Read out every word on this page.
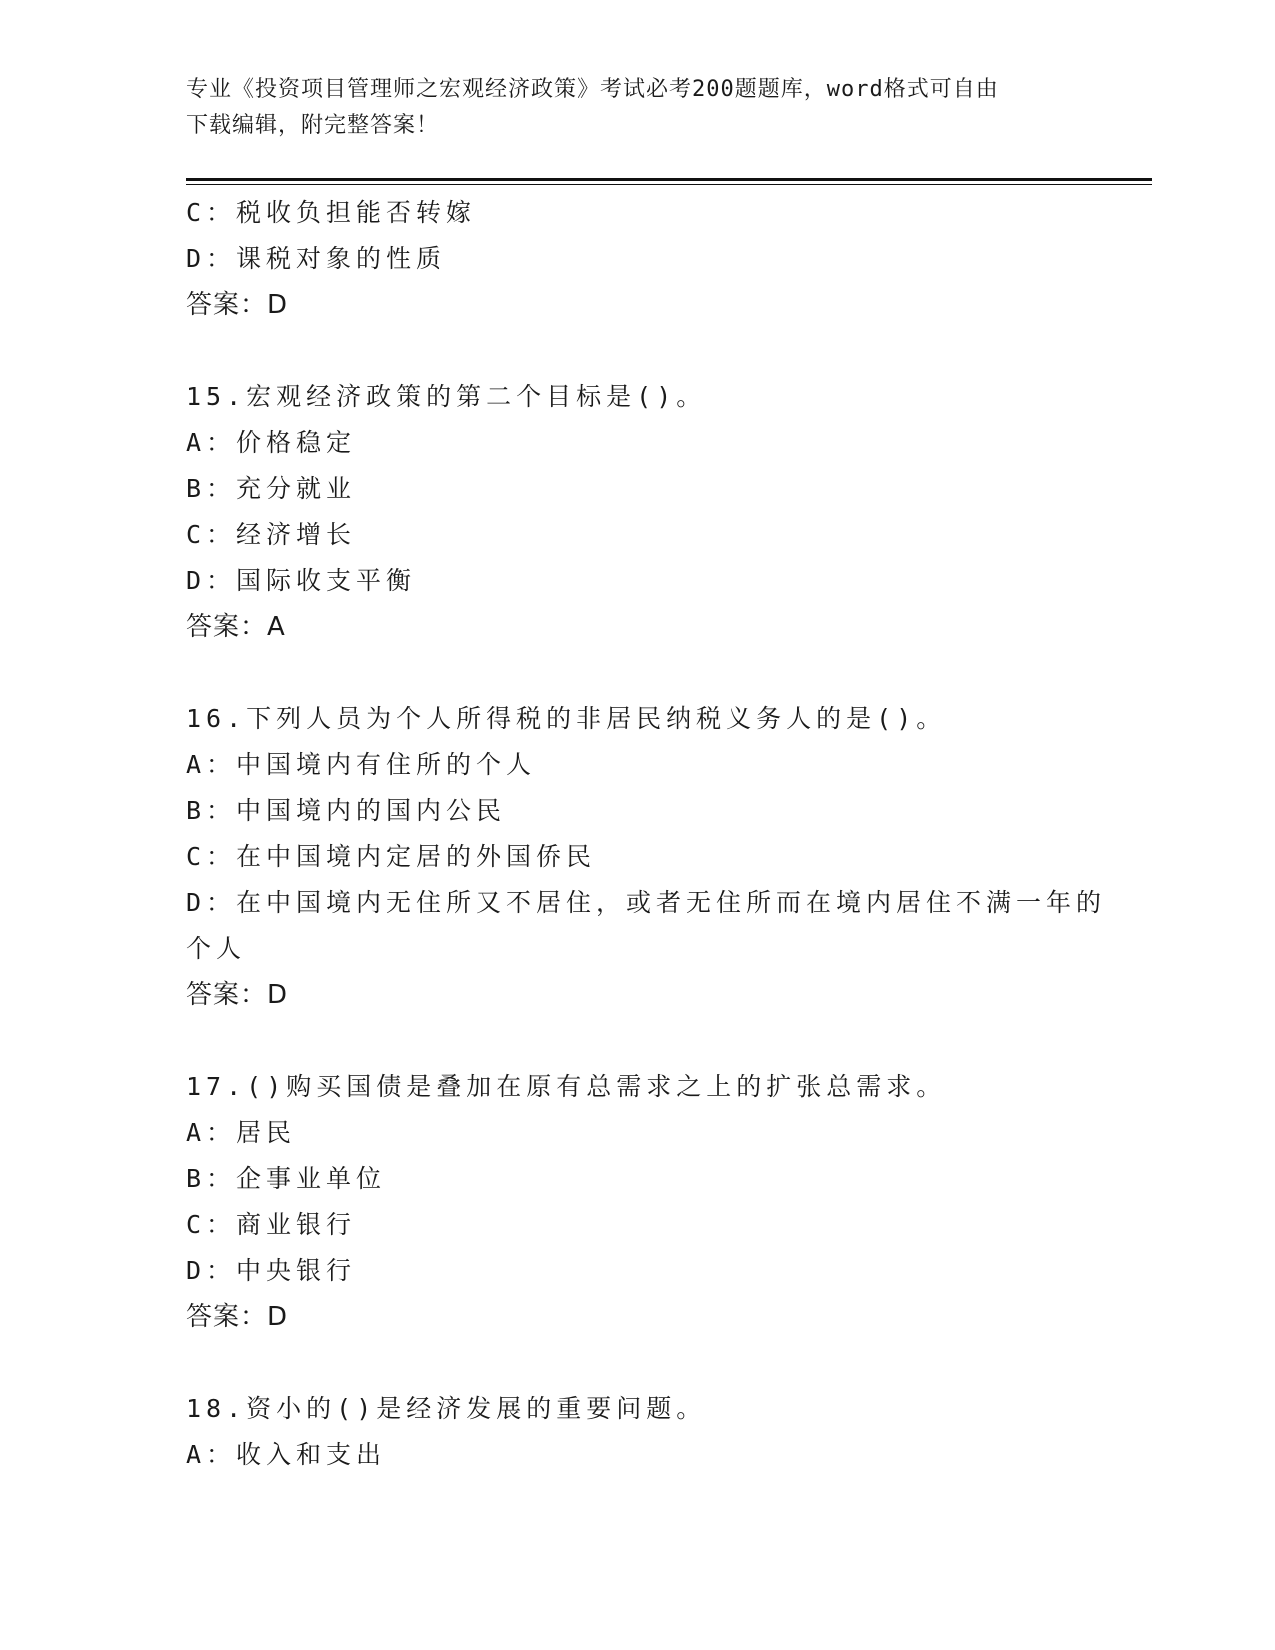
专业《投资项目管理师之宏观经济政策》考试必考200题题库，word格式可自由
下载编辑，附完整答案！
C：税收负担能否转嫁
D：课税对象的性质
答案：D
15.宏观经济政策的第二个目标是()。
A：价格稳定
B：充分就业
C：经济增长
D：国际收支平衡
答案：A
16.下列人员为个人所得税的非居民纳税义务人的是()。
A：中国境内有住所的个人
B：中国境内的国内公民
C：在中国境内定居的外国侨民
D：在中国境内无住所又不居住，或者无住所而在境内居住不满一年的
个人
答案：D
17.()购买国债是叠加在原有总需求之上的扩张总需求。
A：居民
B：企事业单位
C：商业银行
D：中央银行
答案：D
18.资小的()是经济发展的重要问题。
A：收入和支出
